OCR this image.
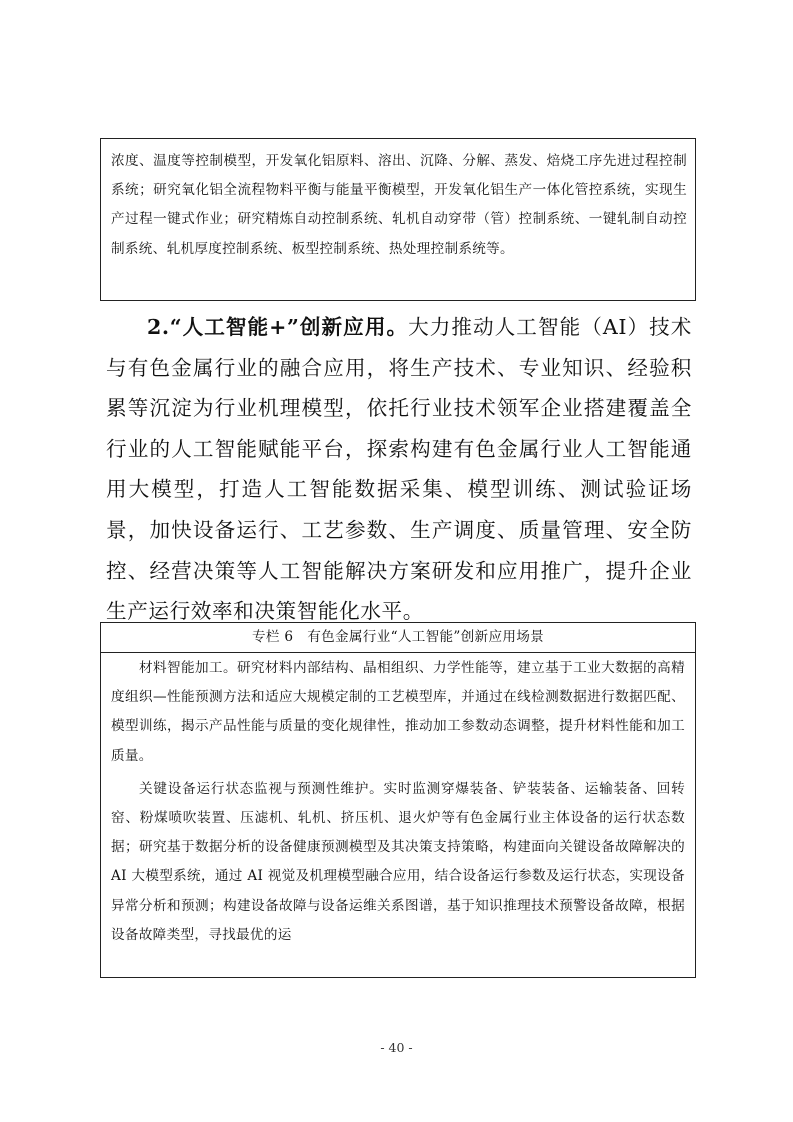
浓度、温度等控制模型，开发氧化铝原料、溶出、沉降、分解、蒸发、焙烧工序先进过程控制系统；研究氧化铝全流程物料平衡与能量平衡模型，开发氧化铝生产一体化管控系统，实现生产过程一键式作业；研究精炼自动控制系统、轧机自动穿带（管）控制系统、一键轧制自动控制系统、轧机厚度控制系统、板型控制系统、热处理控制系统等。
2.“人工智能+”创新应用。大力推动人工智能（AI）技术与有色金属行业的融合应用，将生产技术、专业知识、经验积累等沉淀为行业机理模型，依托行业技术领军企业搭建覆盖全行业的人工智能赋能平台，探索构建有色金属行业人工智能通用大模型，打造人工智能数据采集、模型训练、测试验证场景，加快设备运行、工艺参数、生产调度、质量管理、安全防控、经营决策等人工智能解决方案研发和应用推广，提升企业生产运行效率和决策智能化水平。
专栏 6　有色金属行业“人工智能”创新应用场景
材料智能加工。研究材料内部结构、晶相组织、力学性能等，建立基于工业大数据的高精度组织—性能预测方法和适应大规模定制的工艺模型库，并通过在线检测数据进行数据匹配、模型训练，揭示产品性能与质量的变化规律性，推动加工参数动态调整，提升材料性能和加工质量。
关键设备运行状态监视与预测性维护。实时监测穿爆装备、铲装装备、运输装备、回转窑、粉煤喷吹装置、压滤机、轧机、挤压机、退火炉等有色金属行业主体设备的运行状态数据；研究基于数据分析的设备健康预测模型及其决策支持策略，构建面向关键设备故障解决的 AI 大模型系统，通过 AI 视觉及机理模型融合应用，结合设备运行参数及运行状态，实现设备异常分析和预测；构建设备故障与设备运维关系图谱，基于知识推理技术预警设备故障，根据设备故障类型，寻找最优的运
- 40 -
